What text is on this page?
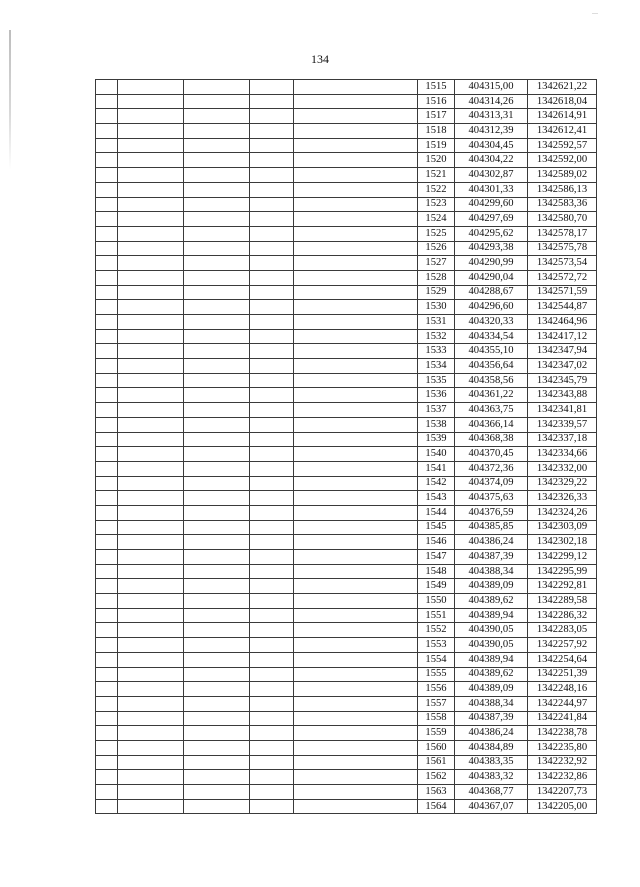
134
					1515	404315,00	1342621,22
					1516	404314,26	1342618,04
					1517	404313,31	1342614,91
					1518	404312,39	1342612,41
					1519	404304,45	1342592,57
					1520	404304,22	1342592,00
					1521	404302,87	1342589,02
					1522	404301,33	1342586,13
					1523	404299,60	1342583,36
					1524	404297,69	1342580,70
					1525	404295,62	1342578,17
					1526	404293,38	1342575,78
					1527	404290,99	1342573,54
					1528	404290,04	1342572,72
					1529	404288,67	1342571,59
					1530	404296,60	1342544,87
					1531	404320,33	1342464,96
					1532	404334,54	1342417,12
					1533	404355,10	1342347,94
					1534	404356,64	1342347,02
					1535	404358,56	1342345,79
					1536	404361,22	1342343,88
					1537	404363,75	1342341,81
					1538	404366,14	1342339,57
					1539	404368,38	1342337,18
					1540	404370,45	1342334,66
					1541	404372,36	1342332,00
					1542	404374,09	1342329,22
					1543	404375,63	1342326,33
					1544	404376,59	1342324,26
					1545	404385,85	1342303,09
					1546	404386,24	1342302,18
					1547	404387,39	1342299,12
					1548	404388,34	1342295,99
					1549	404389,09	1342292,81
					1550	404389,62	1342289,58
					1551	404389,94	1342286,32
					1552	404390,05	1342283,05
					1553	404390,05	1342257,92
					1554	404389,94	1342254,64
					1555	404389,62	1342251,39
					1556	404389,09	1342248,16
					1557	404388,34	1342244,97
					1558	404387,39	1342241,84
					1559	404386,24	1342238,78
					1560	404384,89	1342235,80
					1561	404383,35	1342232,92
					1562	404383,32	1342232,86
					1563	404368,77	1342207,73
					1564	404367,07	1342205,00
